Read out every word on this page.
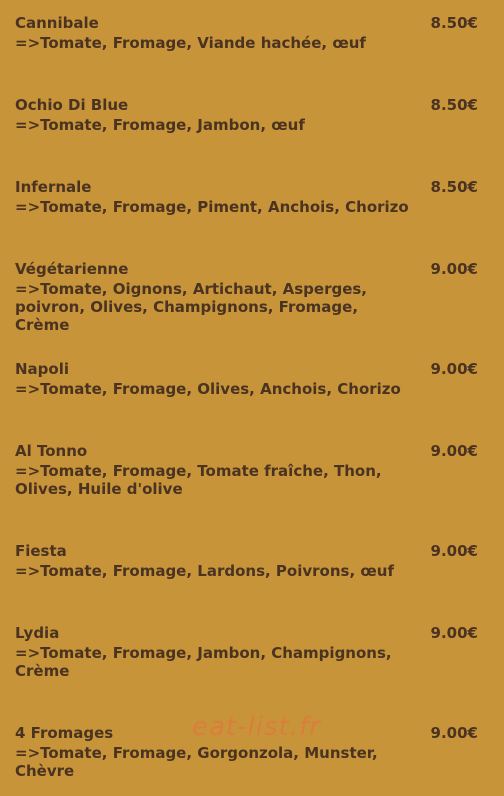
Cannibale
=>Tomate, Fromage, Viande hachée, œuf
8.50€
Ochio Di Blue
=>Tomate, Fromage, Jambon, œuf
8.50€
Infernale
=>Tomate, Fromage, Piment, Anchois, Chorizo
8.50€
Végétarienne
=>Tomate, Oignons, Artichaut, Asperges, poivron, Olives, Champignons, Fromage, Crème
9.00€
Napoli
=>Tomate, Fromage, Olives, Anchois, Chorizo
9.00€
Al Tonno
=>Tomate, Fromage, Tomate fraîche, Thon, Olives, Huile d'olive
9.00€
Fiesta
=>Tomate, Fromage, Lardons, Poivrons, œuf
9.00€
Lydia
=>Tomate, Fromage, Jambon, Champignons, Crème
9.00€
4 Fromages
=>Tomate, Fromage, Gorgonzola, Munster, Chèvre
9.00€
eat-list.fr
